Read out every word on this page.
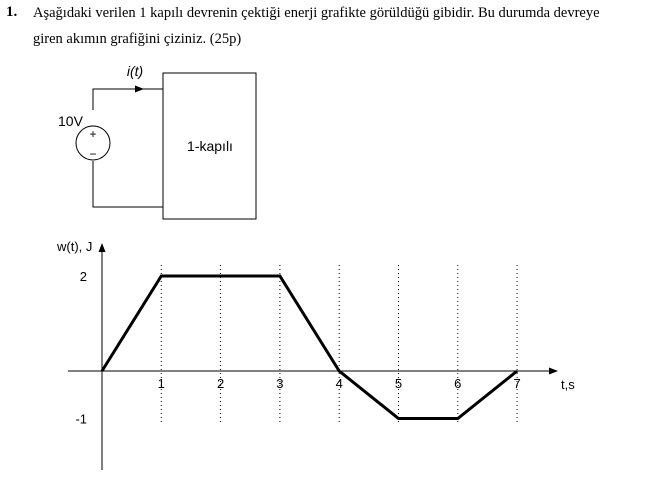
1. Aşağıdaki verilen 1 kapılı devrenin çektiği enerji grafikte görüldüğü gibidir. Bu durumda devreye
giren akımın grafiğini çiziniz. (25p)
i(t)
10V
+
−	1-kapılı
w(t), J
t,s
1	2	3	4	5	6	7
2
-1
